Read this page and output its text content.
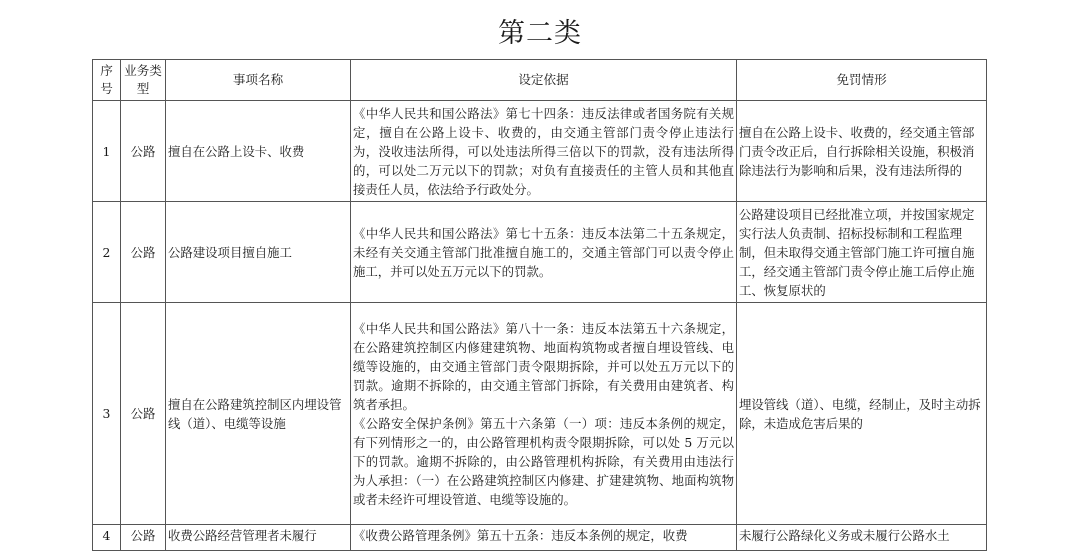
第二类
序号	业务类型	事项名称	设定依据	免罚情形
1	公路	擅自在公路上设卡、收费	《中华人民共和国公路法》第七十四条：违反法律或者国务院有关规定，擅自在公路上设卡、收费的，由交通主管部门责令停止违法行为，没收违法所得，可以处违法所得三倍以下的罚款，没有违法所得的，可以处二万元以下的罚款；对负有直接责任的主管人员和其他直接责任人员，依法给予行政处分。	擅自在公路上设卡、收费的，经交通主管部门责令改正后，自行拆除相关设施，积极消除违法行为影响和后果，没有违法所得的
2	公路	公路建设项目擅自施工	《中华人民共和国公路法》第七十五条：违反本法第二十五条规定，未经有关交通主管部门批准擅自施工的，交通主管部门可以责令停止施工，并可以处五万元以下的罚款。	公路建设项目已经批准立项，并按国家规定实行法人负责制、招标投标制和工程监理制，但未取得交通主管部门施工许可擅自施工，经交通主管部门责令停止施工后停止施工、恢复原状的
3	公路	擅自在公路建筑控制区内埋设管线（道）、电缆等设施	《中华人民共和国公路法》第八十一条：违反本法第五十六条规定，在公路建筑控制区内修建建筑物、地面构筑物或者擅自埋设管线、电缆等设施的，由交通主管部门责令限期拆除，并可以处五万元以下的罚款。逾期不拆除的，由交通主管部门拆除，有关费用由建筑者、构筑者承担。
《公路安全保护条例》第五十六条第（一）项：违反本条例的规定，有下列情形之一的，由公路管理机构责令限期拆除，可以处 5 万元以下的罚款。逾期不拆除的，由公路管理机构拆除，有关费用由违法行为人承担：（一）在公路建筑控制区内修建、扩建建筑物、地面构筑物或者未经许可埋设管道、电缆等设施的。	埋设管线（道）、电缆，经制止，及时主动拆除，未造成危害后果的
4	公路	收费公路经营管理者未履行	《收费公路管理条例》第五十五条：违反本条例的规定，收费	未履行公路绿化义务或未履行公路水土
